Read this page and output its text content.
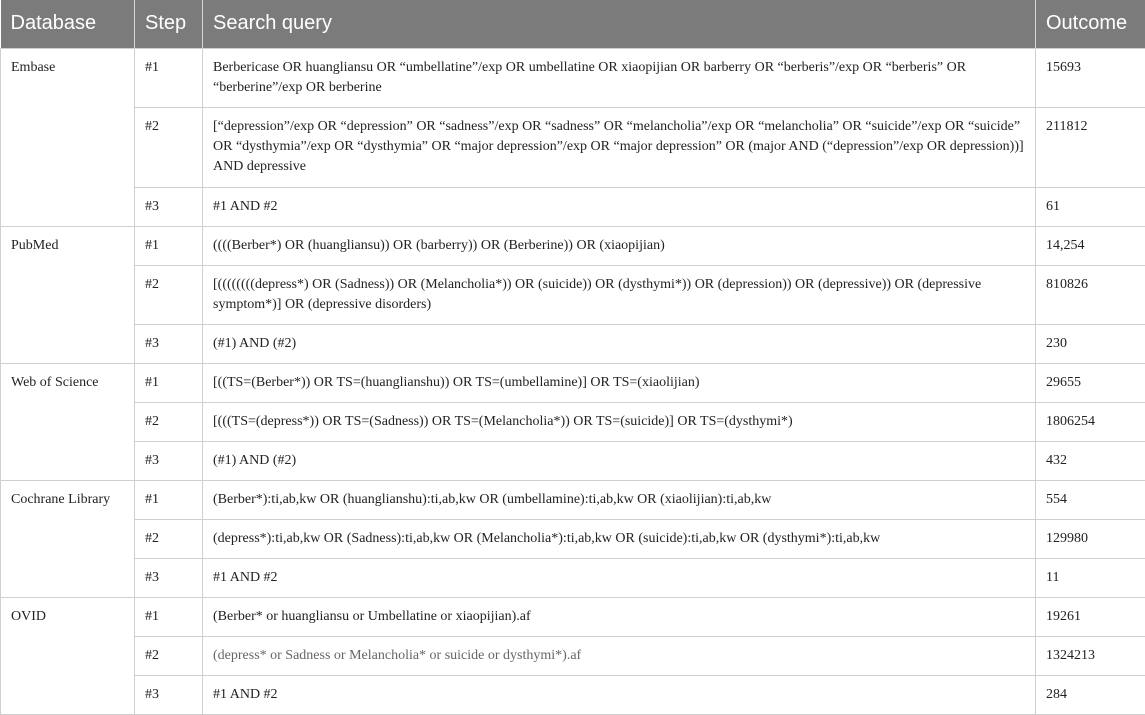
Database	Step	Search query	Outcome
Embase	#1	Berbericase OR huangliansu OR “umbellatine”/exp OR umbellatine OR xiaopijian OR barberry OR “berberis”/exp OR “berberis” OR “berberine”/exp OR berberine	15693
	#2	[“depression”/exp OR “depression” OR “sadness”/exp OR “sadness” OR “melancholia”/exp OR “melancholia” OR “suicide”/exp OR “suicide” OR “dysthymia”/exp OR “dysthymia” OR “major depression”/exp OR “major depression” OR (major AND (“depression”/exp OR depression))] AND depressive	211812
	#3	#1 AND #2	61
PubMed	#1	((((Berber*) OR (huangliansu)) OR (barberry)) OR (Berberine)) OR (xiaopijian)	14,254
	#2	[((((((((depress*) OR (Sadness)) OR (Melancholia*)) OR (suicide)) OR (dysthymi*)) OR (depression)) OR (depressive)) OR (depressive symptom*)] OR (depressive disorders)	810826
	#3	(#1) AND (#2)	230
Web of Science	#1	[((TS=(Berber*)) OR TS=(huanglianshu)) OR TS=(umbellamine)] OR TS=(xiaolijian)	29655
	#2	[(((TS=(depress*)) OR TS=(Sadness)) OR TS=(Melancholia*)) OR TS=(suicide)] OR TS=(dysthymi*)	1806254
	#3	(#1) AND (#2)	432
Cochrane Library	#1	(Berber*):ti,ab,kw OR (huanglianshu):ti,ab,kw OR (umbellamine):ti,ab,kw OR (xiaolijian):ti,ab,kw	554
	#2	(depress*):ti,ab,kw OR (Sadness):ti,ab,kw OR (Melancholia*):ti,ab,kw OR (suicide):ti,ab,kw OR (dysthymi*):ti,ab,kw	129980
	#3	#1 AND #2	11
OVID	#1	(Berber* or huangliansu or Umbellatine or xiaopijian).af	19261
	#2	(depress* or Sadness or Melancholia* or suicide or dysthymi*).af	1324213
	#3	#1 AND #2	284
